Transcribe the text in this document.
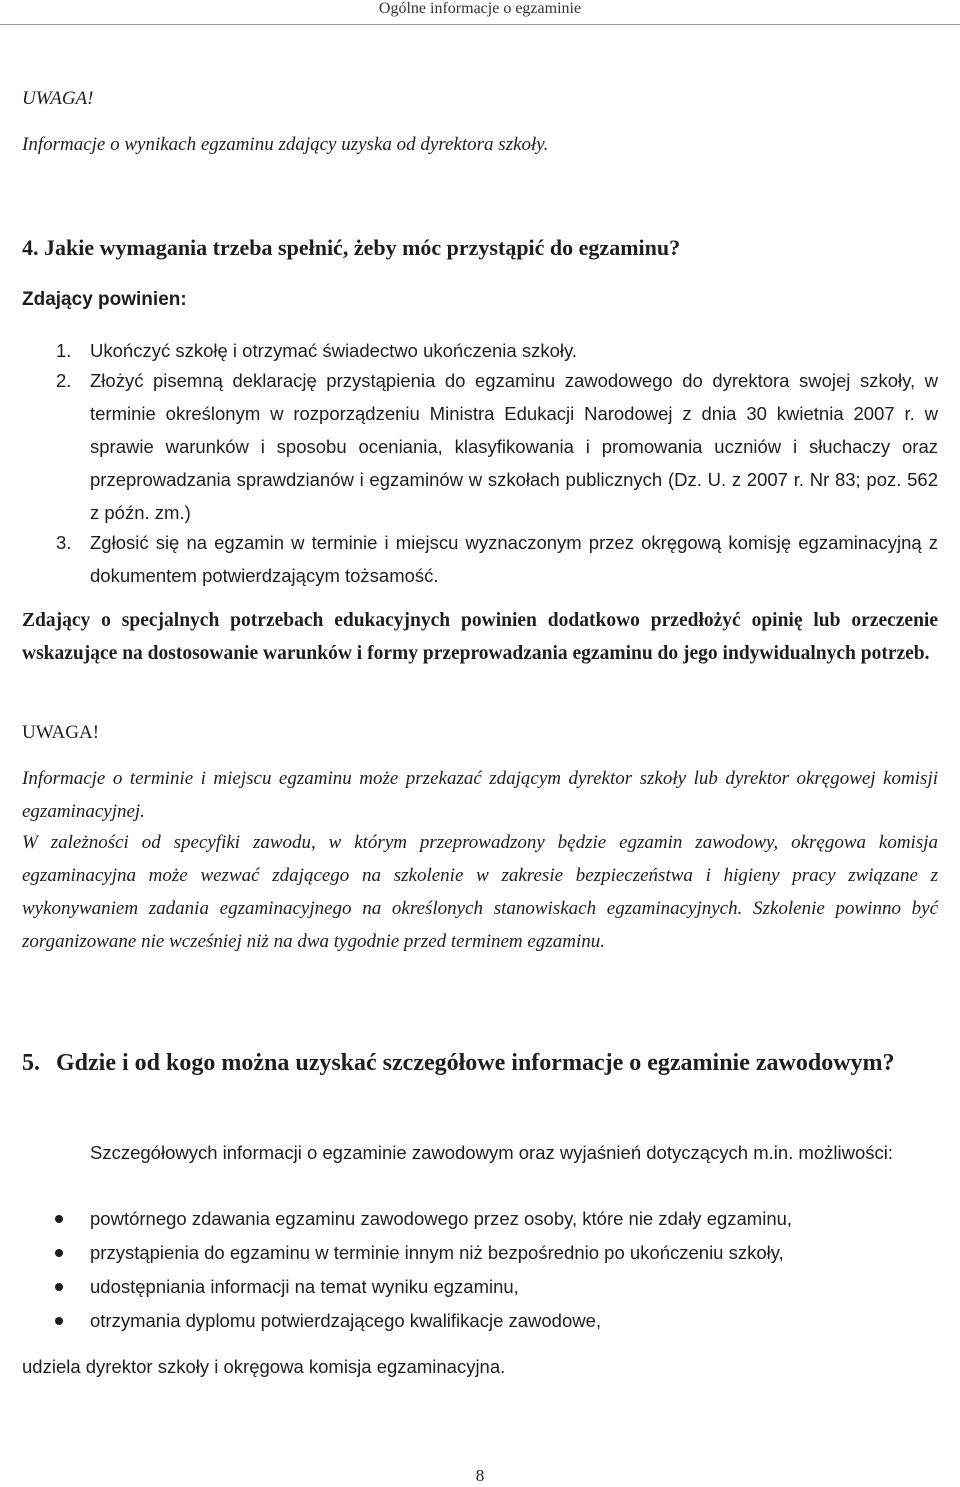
Ogólne informacje o egzaminie
UWAGA!
Informacje o wynikach egzaminu zdający uzyska od dyrektora szkoły.
4. Jakie wymagania trzeba spełnić, żeby móc przystąpić do egzaminu?
Zdający powinien:
1.	Ukończyć szkołę i otrzymać świadectwo ukończenia szkoły.
2.	Złożyć pisemną deklarację przystąpienia do egzaminu zawodowego do dyrektora swojej szkoły, w terminie określonym w rozporządzeniu Ministra Edukacji Narodowej z dnia 30 kwietnia 2007 r. w sprawie warunków i sposobu oceniania, klasyfikowania i promowania uczniów i słuchaczy oraz przeprowadzania sprawdzianów i egzaminów w szkołach publicznych (Dz. U. z 2007 r. Nr 83; poz. 562 z późn. zm.)
3.	Zgłosić się na egzamin w terminie i miejscu wyznaczonym przez okręgową komisję egzaminacyjną z dokumentem potwierdzającym tożsamość.
Zdający o specjalnych potrzebach edukacyjnych powinien dodatkowo przedłożyć opinię lub orzeczenie wskazujące na dostosowanie warunków i formy przeprowadzania egzaminu do jego indywidualnych potrzeb.
UWAGA!
Informacje o terminie i miejscu egzaminu może przekazać zdającym dyrektor szkoły lub dyrektor okręgowej komisji egzaminacyjnej.
W zależności od specyfiki zawodu, w którym przeprowadzony będzie egzamin zawodowy, okręgowa komisja egzaminacyjna może wezwać zdającego na szkolenie w zakresie bezpieczeństwa i higieny pracy związane z wykonywaniem zadania egzaminacyjnego na określonych stanowiskach egzaminacyjnych. Szkolenie powinno być zorganizowane nie wcześniej niż na dwa tygodnie przed terminem egzaminu.
5. Gdzie i od kogo można uzyskać szczegółowe informacje o egzaminie zawodowym?
Szczegółowych informacji o egzaminie zawodowym oraz wyjaśnień dotyczących m.in. możliwości:
powtórnego zdawania egzaminu zawodowego przez osoby, które nie zdały egzaminu,
przystąpienia do egzaminu w terminie innym niż bezpośrednio po ukończeniu szkoły,
udostępniania informacji na temat wyniku egzaminu,
otrzymania dyplomu potwierdzającego kwalifikacje zawodowe,
udziela dyrektor szkoły i okręgowa komisja egzaminacyjna.
8
